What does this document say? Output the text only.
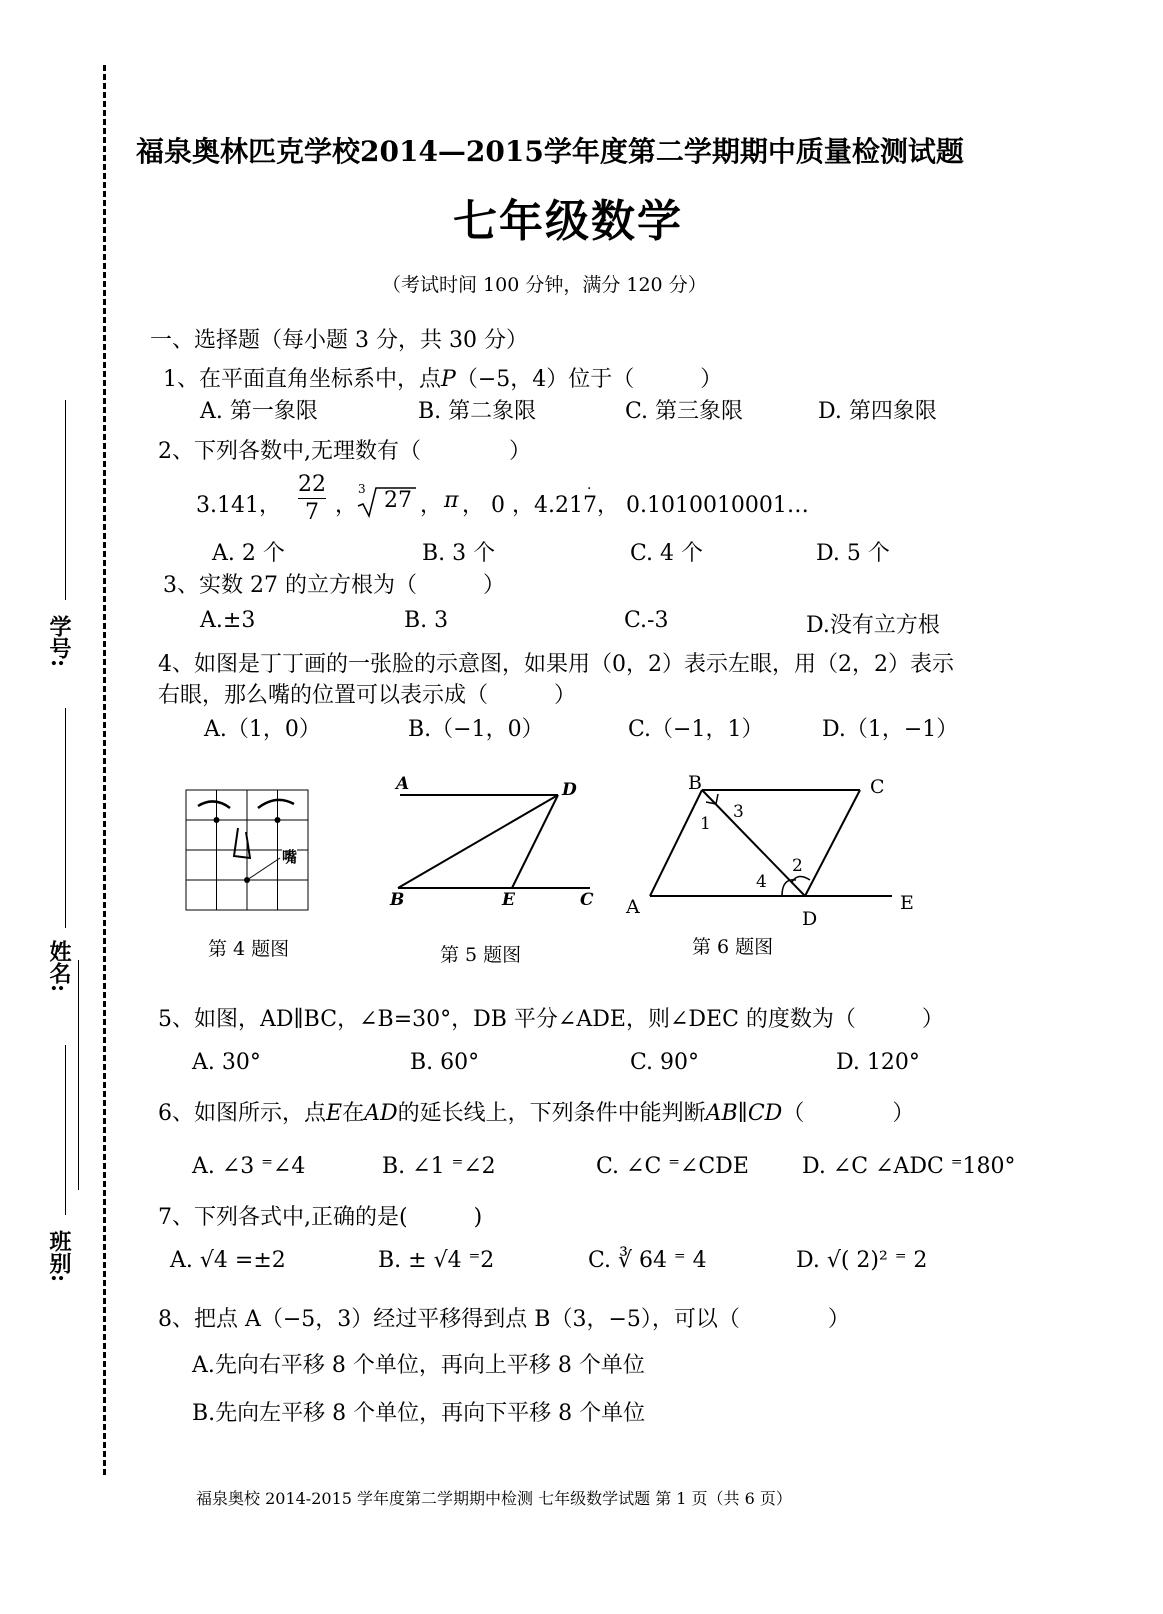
学号:
姓名:
班别:
福泉奥林匹克学校2014—2015学年度第二学期期中质量检测试题
七年级数学
（考试时间 100 分钟，满分 120 分）
一、选择题（每小题 3 分，共 30 分）
1、在平面直角坐标系中，点P（−5，4）位于（　　　）
A. 第一象限	B. 第二象限	C. 第三象限	D. 第四象限
2、下列各数中,无理数有（　　　　）
3.141，
22
7 ，
3 27 ， π ， 0 ，4.217
·
， 0.1010010001…
A. 2 个	B. 3 个	C. 4 个	D. 5 个
3、实数 27 的立方根为（　　　）
A.±3	B. 3	C.-3	D.没有立方根
4、如图是丁丁画的一张脸的示意图，如果用（0，2）表示左眼，用（2，2）表示
右眼，那么嘴的位置可以表示成（　　　）
A.（1，0）	B.（−1，0）	C.（−1，1）	D.（1，−1）
嘴
第 4 题图
A	D
B	E	C
第 5 题图
B	C
A
D
E
1
2
3
4
第 6 题图
5、如图，AD∥BC，∠B=30°，DB 平分∠ADE，则∠DEC 的度数为（　　　）
A. 30°	B. 60°	C. 90°	D. 120°
6、如图所示，点E在AD的延长线上，下列条件中能判断AB∥CD（　　　　）
A. ∠3 ⁼∠4	B. ∠1 ⁼∠2	C. ∠C ⁼∠CDE D. ∠C ∠ADC ⁼180°
7、下列各式中,正确的是(　　　)
A. √4 =±2	B. ± √4 ⁼2	C. ∛ 64 ⁼ 4	D. √( 2)² ⁼ 2
8、把点 A（−5，3）经过平移得到点 B（3，−5），可以（　　　　）
A.先向右平移 8 个单位，再向上平移 8 个单位
B.先向左平移 8 个单位，再向下平移 8 个单位
福泉奥校 2014-2015 学年度第二学期期中检测 七年级数学试题 第 1 页（共 6 页）
